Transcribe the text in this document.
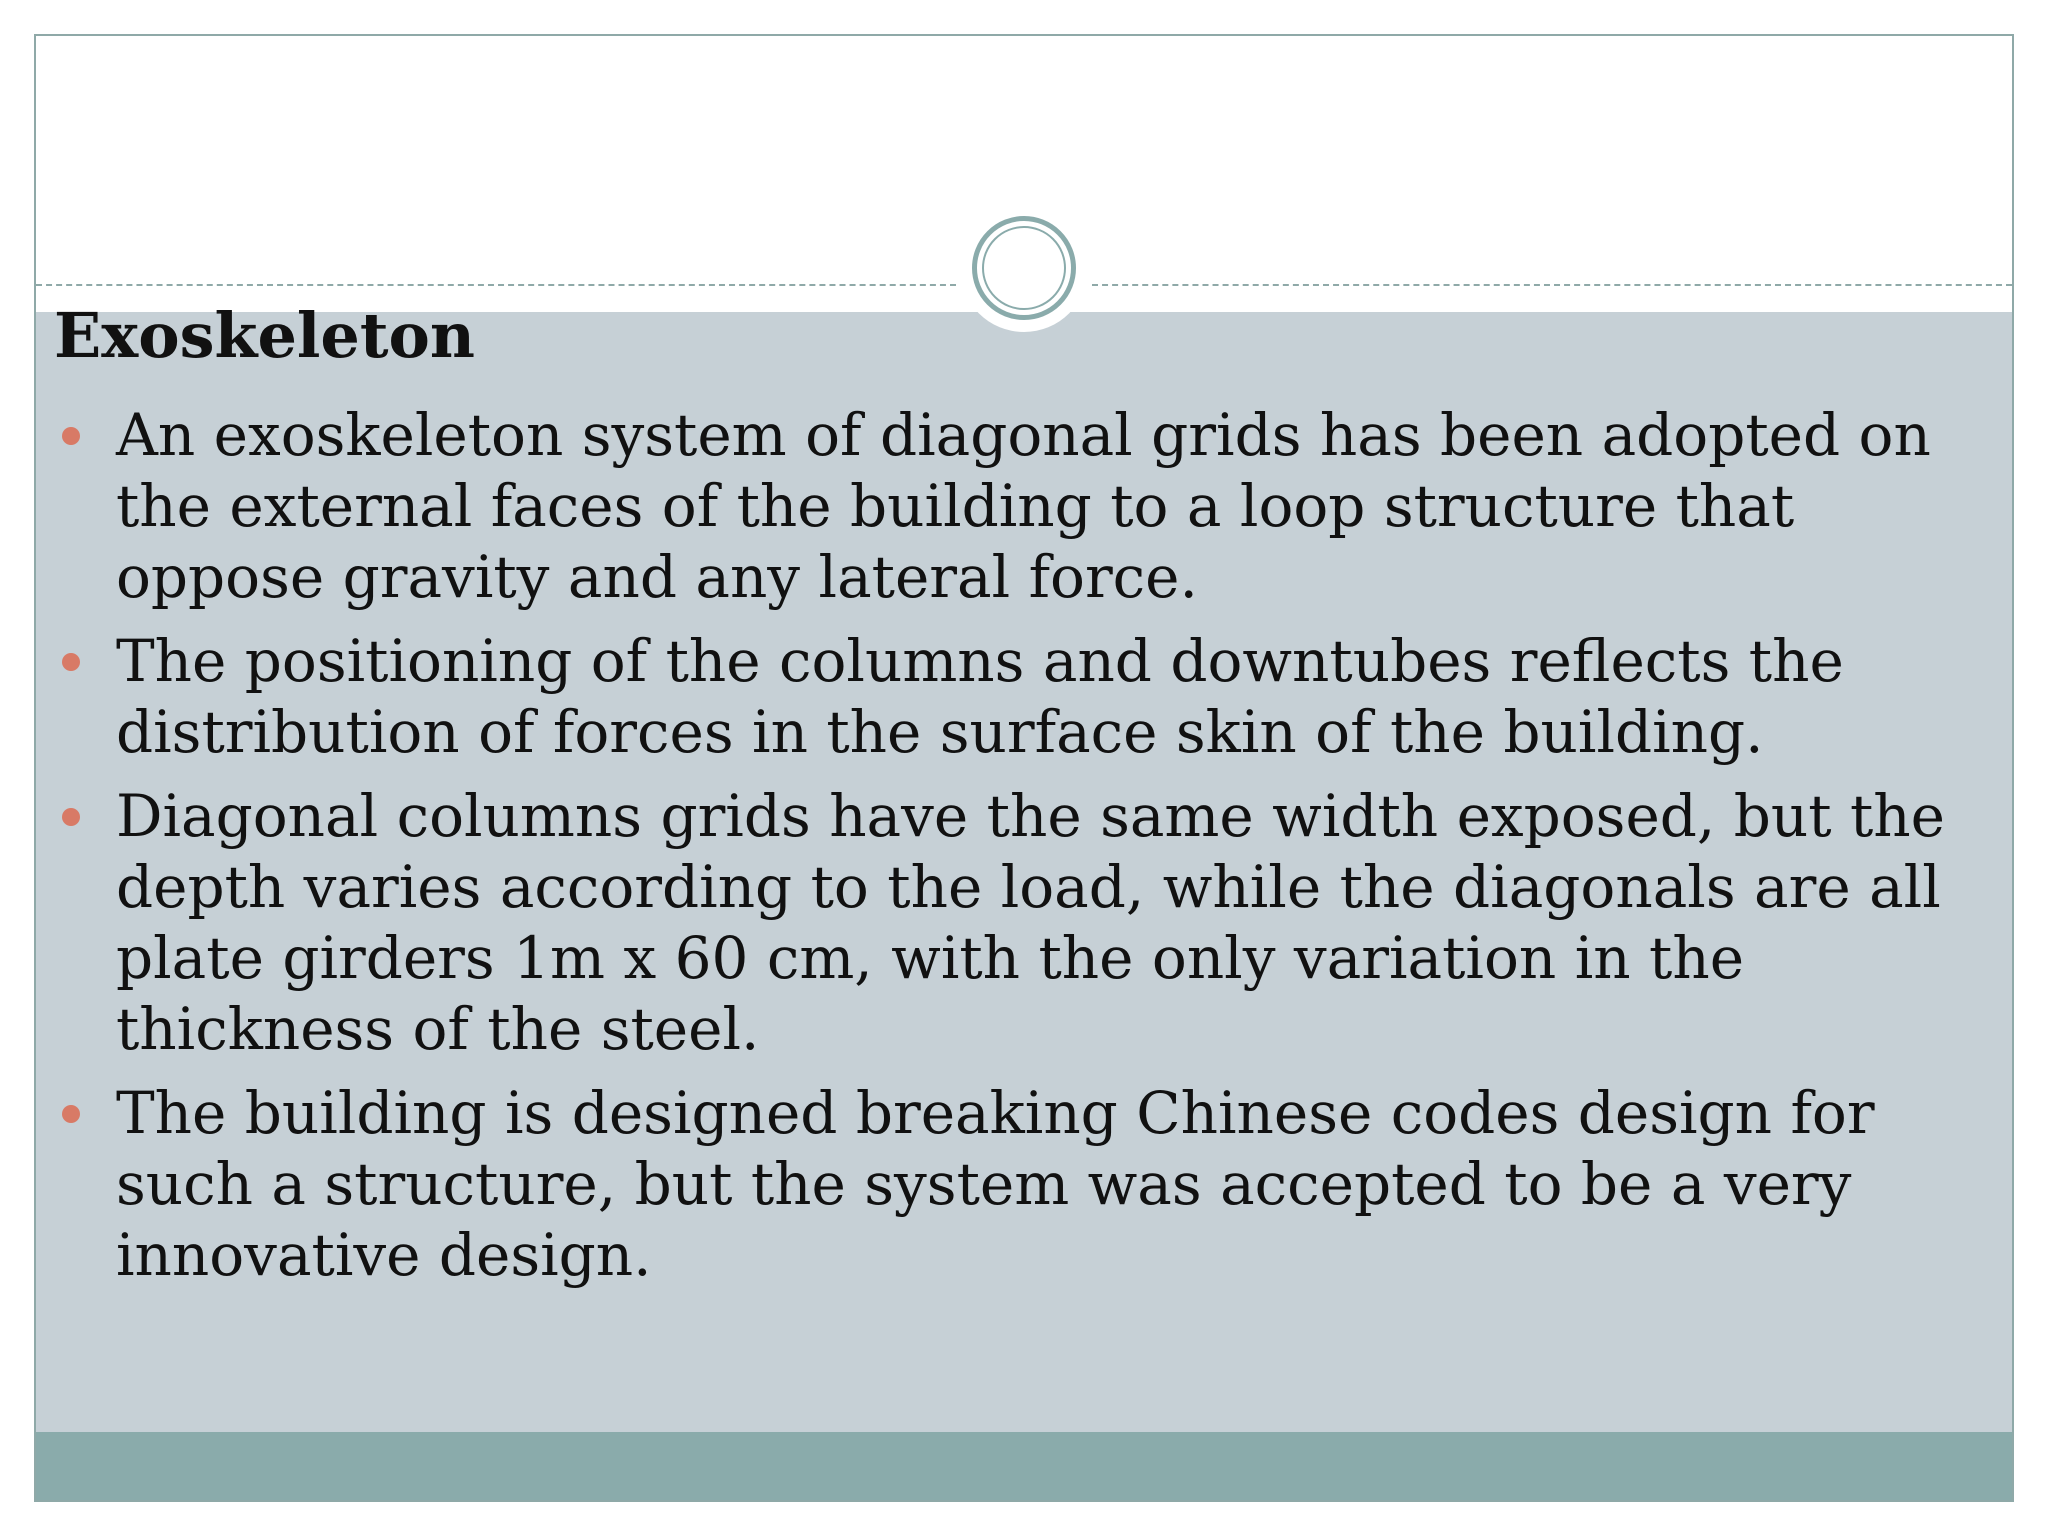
Exoskeleton
An exoskeleton system of diagonal grids has been adopted on the external faces of the building to a loop structure that oppose gravity and any lateral force.
The positioning of the columns and downtubes reflects the distribution of forces in the surface skin of the building.
Diagonal columns grids have the same width exposed, but the depth varies according to the load, while the diagonals are all plate girders 1m x 60 cm, with the only variation in the thickness of the steel.
The building is designed breaking Chinese codes design for such a structure, but the system was accepted to be a very innovative design.
